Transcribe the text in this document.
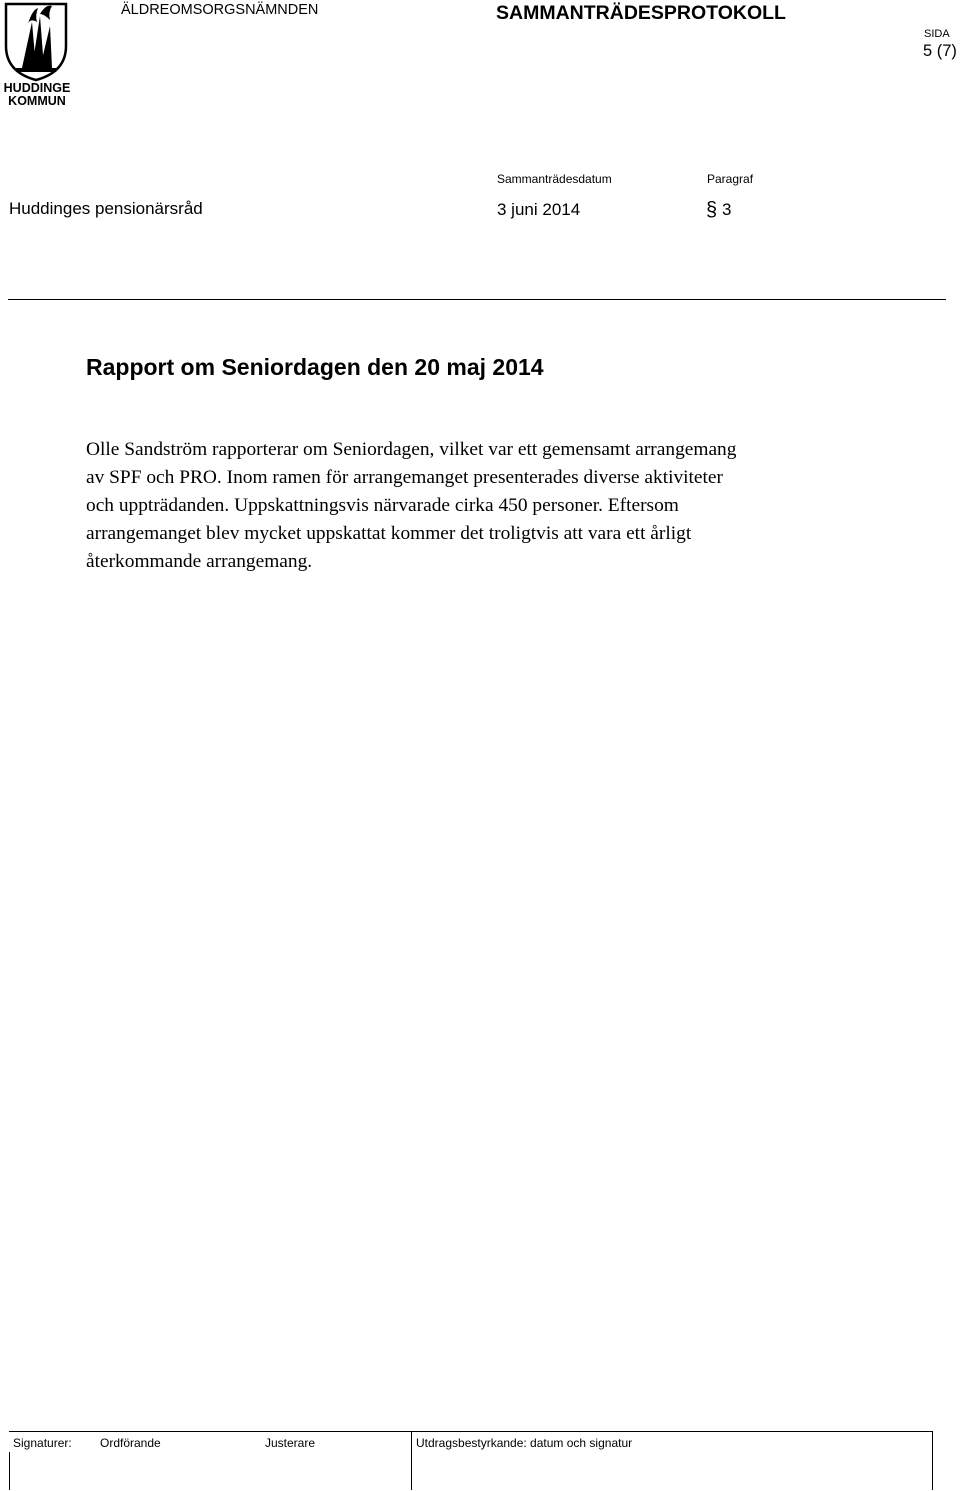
HUDDINGE
KOMMUN
ÄLDREOMSORGSNÄMNDEN	SAMMANTRÄDESPROTOKOLL
SIDA
5 (7)
Sammanträdesdatum	Paragraf
Huddinges pensionärsråd	3 juni 2014	§ 3
Rapport om Seniordagen den 20 maj 2014
Olle Sandström rapporterar om Seniordagen, vilket var ett gemensamt arrangemang
av SPF och PRO. Inom ramen för arrangemanget presenterades diverse aktiviteter
och uppträdanden. Uppskattningsvis närvarade cirka 450 personer. Eftersom
arrangemanget blev mycket uppskattat kommer det troligtvis att vara ett årligt
återkommande arrangemang.
Signaturer: Ordförande	Justerare	Utdragsbestyrkande: datum och signatur
